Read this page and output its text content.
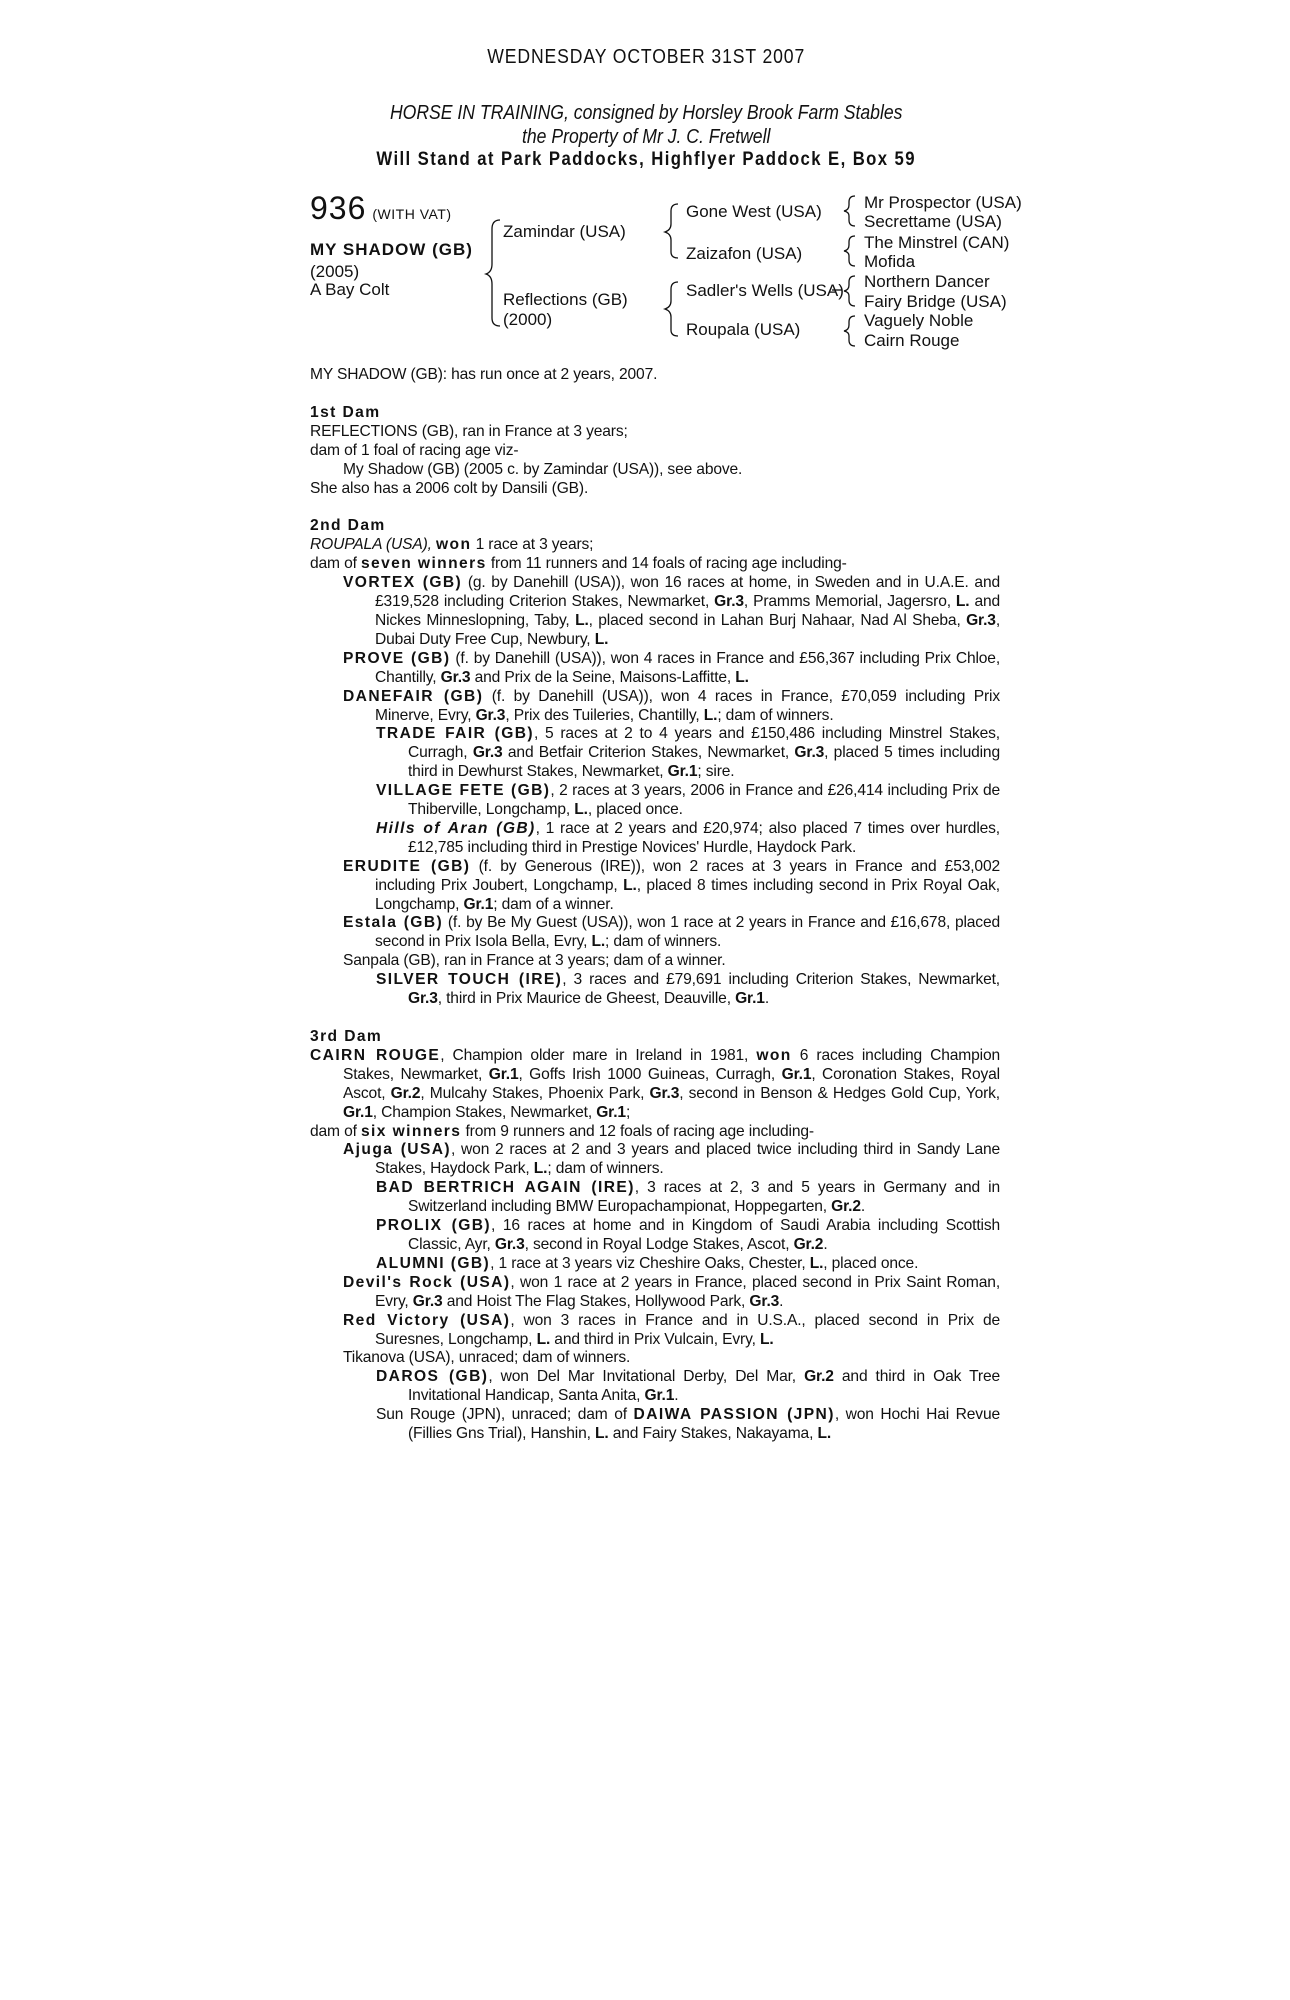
WEDNESDAY OCTOBER 31ST 2007
HORSE IN TRAINING, consigned by Horsley Brook Farm Stables
the Property of Mr J. C. Fretwell
Will Stand at Park Paddocks, Highflyer Paddock E, Box 59
936 (WITH VAT)
MY SHADOW (GB)
(2005)
A Bay Colt
Zamindar (USA)
Reflections (GB)
(2000)
Gone West (USA)
Zaizafon (USA)
Sadler's Wells (USA)
Roupala (USA)
Mr Prospector (USA)
Secrettame (USA)
The Minstrel (CAN)
Mofida
Northern Dancer
Fairy Bridge (USA)
Vaguely Noble
Cairn Rouge

MY SHADOW (GB): has run once at 2 years, 2007.

1st Dam

REFLECTIONS (GB), ran in France at 3 years;

dam of 1 foal of racing age viz-

My Shadow (GB) (2005 c. by Zamindar (USA)), see above.

She also has a 2006 colt by Dansili (GB).

2nd Dam

ROUPALA (USA), won 1 race at 3 years;

dam of seven winners from 11 runners and 14 foals of racing age including-

VORTEX (GB) (g. by Danehill (USA)), won 16 races at home, in Sweden and in U.A.E. and £319,528 including Criterion Stakes, Newmarket, Gr.3, Pramms Memorial, Jagersro, L. and Nickes Minneslopning, Taby, L., placed second in Lahan Burj Nahaar, Nad Al Sheba, Gr.3, Dubai Duty Free Cup, Newbury, L.

PROVE (GB) (f. by Danehill (USA)), won 4 races in France and £56,367 including Prix Chloe, Chantilly, Gr.3 and Prix de la Seine, Maisons-Laffitte, L.

DANEFAIR (GB) (f. by Danehill (USA)), won 4 races in France, £70,059 including Prix Minerve, Evry, Gr.3, Prix des Tuileries, Chantilly, L.; dam of winners.

TRADE FAIR (GB), 5 races at 2 to 4 years and £150,486 including Minstrel Stakes, Curragh, Gr.3 and Betfair Criterion Stakes, Newmarket, Gr.3, placed 5 times including third in Dewhurst Stakes, Newmarket, Gr.1; sire.

VILLAGE FETE (GB), 2 races at 3 years, 2006 in France and £26,414 including Prix de Thiberville, Longchamp, L., placed once.

Hills of Aran (GB), 1 race at 2 years and £20,974; also placed 7 times over hurdles, £12,785 including third in Prestige Novices' Hurdle, Haydock Park.

ERUDITE (GB) (f. by Generous (IRE)), won 2 races at 3 years in France and £53,002 including Prix Joubert, Longchamp, L., placed 8 times including second in Prix Royal Oak, Longchamp, Gr.1; dam of a winner.

Estala (GB) (f. by Be My Guest (USA)), won 1 race at 2 years in France and £16,678, placed second in Prix Isola Bella, Evry, L.; dam of winners.

Sanpala (GB), ran in France at 3 years; dam of a winner.

SILVER TOUCH (IRE), 3 races and £79,691 including Criterion Stakes, Newmarket, Gr.3, third in Prix Maurice de Gheest, Deauville, Gr.1.

3rd Dam

CAIRN ROUGE, Champion older mare in Ireland in 1981, won 6 races including Champion Stakes, Newmarket, Gr.1, Goffs Irish 1000 Guineas, Curragh, Gr.1, Coronation Stakes, Royal Ascot, Gr.2, Mulcahy Stakes, Phoenix Park, Gr.3, second in Benson & Hedges Gold Cup, York, Gr.1, Champion Stakes, Newmarket, Gr.1;

dam of six winners from 9 runners and 12 foals of racing age including-

Ajuga (USA), won 2 races at 2 and 3 years and placed twice including third in Sandy Lane Stakes, Haydock Park, L.; dam of winners.

BAD BERTRICH AGAIN (IRE), 3 races at 2, 3 and 5 years in Germany and in Switzerland including BMW Europachampionat, Hoppegarten, Gr.2.

PROLIX (GB), 16 races at home and in Kingdom of Saudi Arabia including Scottish Classic, Ayr, Gr.3, second in Royal Lodge Stakes, Ascot, Gr.2.

ALUMNI (GB), 1 race at 3 years viz Cheshire Oaks, Chester, L., placed once.

Devil's Rock (USA), won 1 race at 2 years in France, placed second in Prix Saint Roman, Evry, Gr.3 and Hoist The Flag Stakes, Hollywood Park, Gr.3.

Red Victory (USA), won 3 races in France and in U.S.A., placed second in Prix de Suresnes, Longchamp, L. and third in Prix Vulcain, Evry, L.

Tikanova (USA), unraced; dam of winners.

DAROS (GB), won Del Mar Invitational Derby, Del Mar, Gr.2 and third in Oak Tree Invitational Handicap, Santa Anita, Gr.1.

Sun Rouge (JPN), unraced; dam of DAIWA PASSION (JPN), won Hochi Hai Revue (Fillies Gns Trial), Hanshin, L. and Fairy Stakes, Nakayama, L.
